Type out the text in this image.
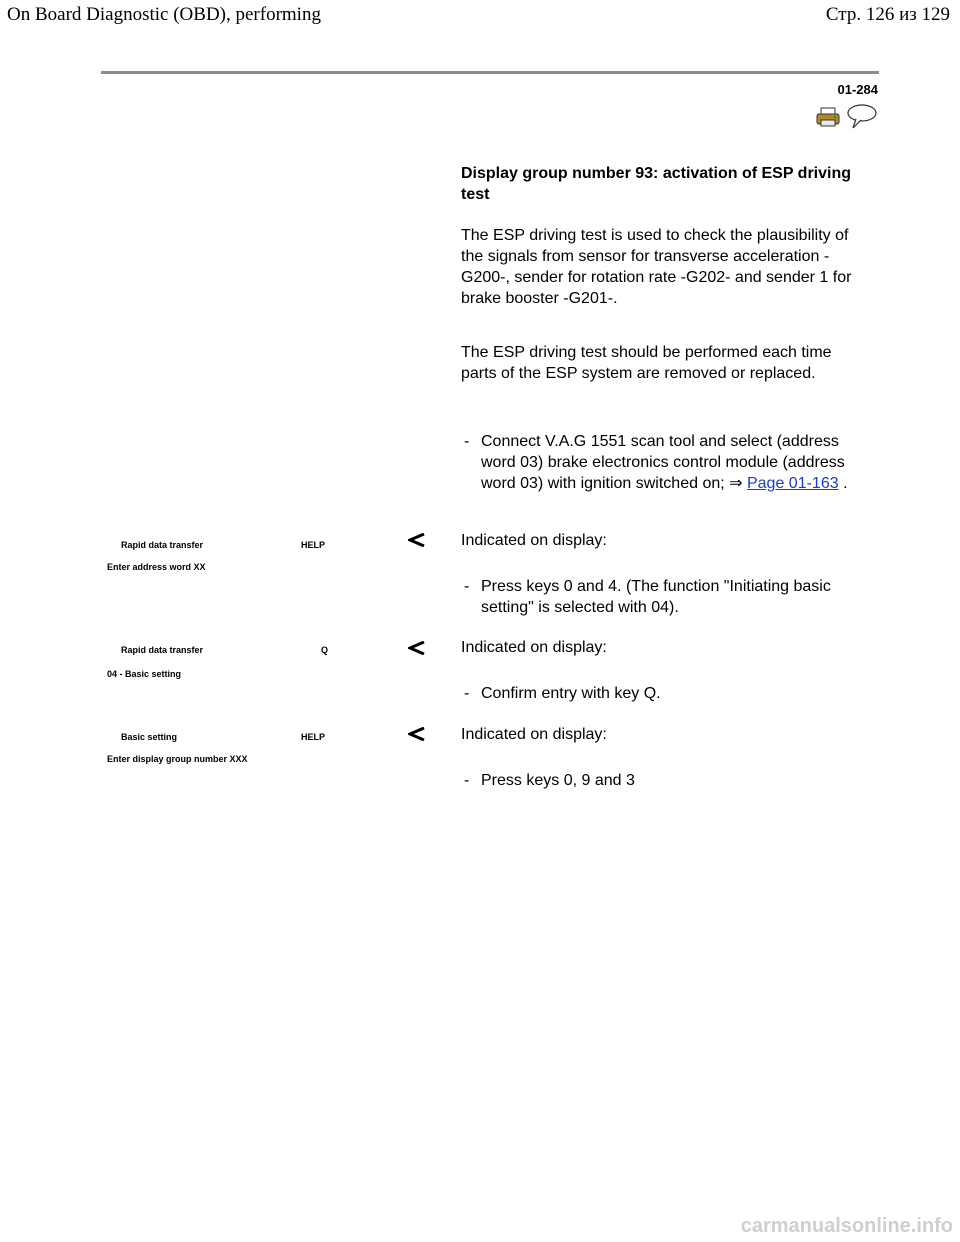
On Board Diagnostic (OBD), performing	Стр. 126 из 129
01-284
Display group number 93: activation of ESP driving test
The ESP driving test is used to check the plausibility of the signals from sensor for transverse acceleration -G200-, sender for rotation rate -G202- and sender 1 for brake booster -G201-.
The ESP driving test should be performed each time parts of the ESP system are removed or replaced.
- Connect V.A.G 1551 scan tool and select (address word 03) brake electronics control module (address word 03) with ignition switched on; ⇒ Page 01-163 .
Rapid data transfer	HELP
Enter address word XX
Indicated on display:
- Press keys 0 and 4. (The function "Initiating basic setting" is selected with 04).
Rapid data transfer	Q
04 - Basic setting
Indicated on display:
- Confirm entry with key Q.
Basic setting	HELP
Enter display group number XXX
Indicated on display:
- Press keys 0, 9 and 3
carmanualsonline.info
